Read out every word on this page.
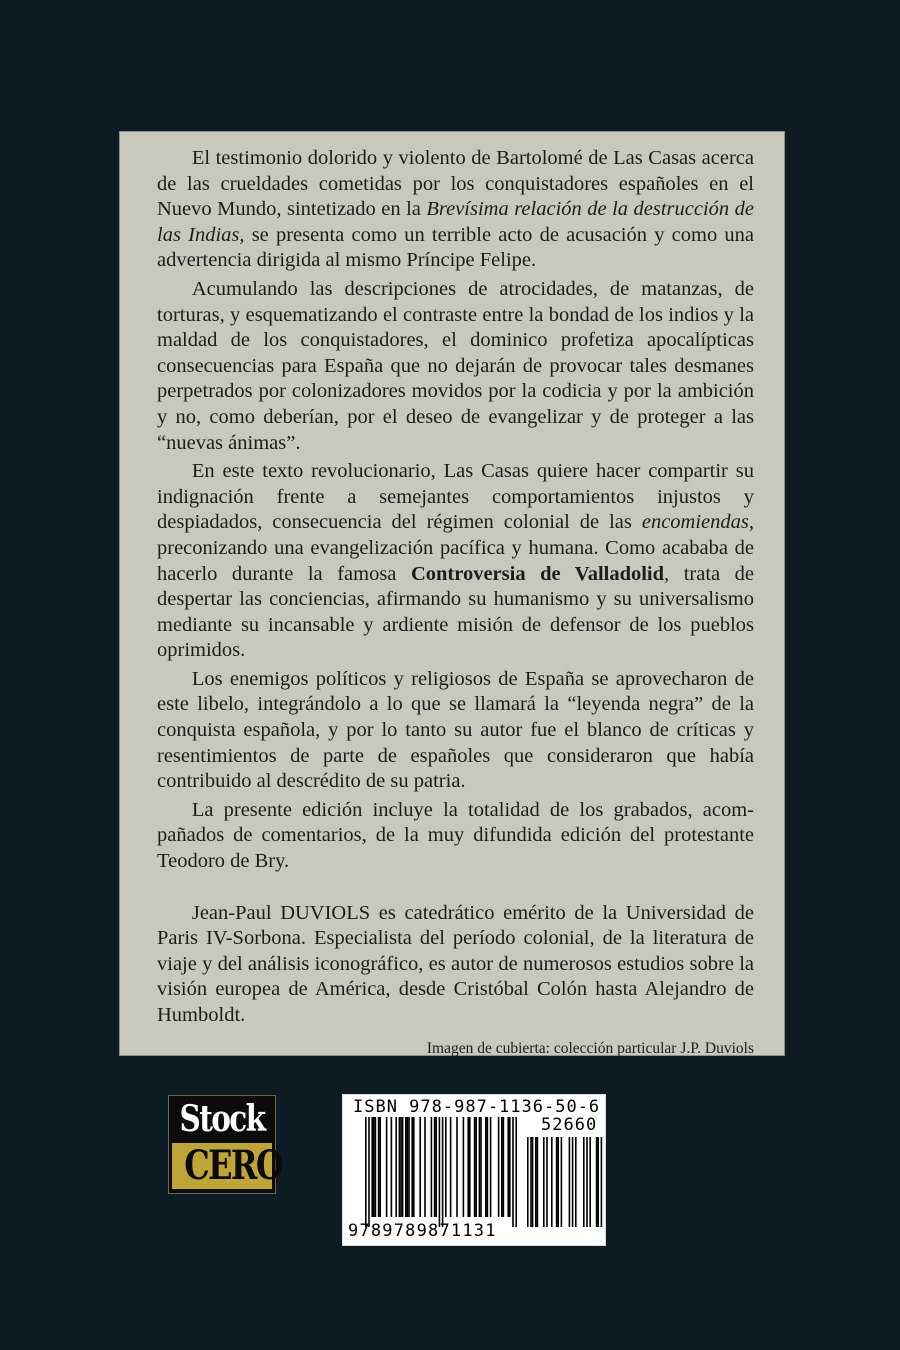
El testimonio dolorido y violento de Bartolomé de Las Casas acerca de las crueldades cometidas por los conquistadores españoles en el Nuevo Mundo, sintetizado en la Brevísima relación de la destrucción de las Indias, se presenta como un terrible acto de acusación y como una advertencia dirigida al mismo Príncipe Felipe.

Acumulando las descripciones de atrocidades, de matanzas, de torturas, y esquematizando el contraste entre la bondad de los indios y la maldad de los conquistadores, el dominico profetiza apocalípticas consecuencias para España que no dejarán de provocar tales desmanes perpetrados por colonizadores movidos por la codicia y por la ambición y no, como deberían, por el deseo de evangelizar y de proteger a las “nuevas ánimas”.

En este texto revolucionario, Las Casas quiere hacer compartir su indignación frente a semejantes comportamientos injustos y despiadados, consecuencia del régimen colonial de las encomiendas, preconizando una evangelización pacífica y humana. Como acababa de hacerlo durante la famosa Controversia de Valladolid, trata de despertar las conciencias, afirmando su humanismo y su universalismo mediante su incansable y ardiente misión de defensor de los pueblos oprimidos.

Los enemigos políticos y religiosos de España se aprovecharon de este libelo, integrándolo a lo que se llamará la “leyenda negra” de la conquista española, y por lo tanto su autor fue el blanco de críticas y resentimientos de parte de españoles que consideraron que había contribuido al descrédito de su patria.

La presente edición incluye la totalidad de los grabados, acompañados de comentarios, de la muy difundida edición del protestante Teodoro de Bry.

Jean-Paul DUVIOLS es catedrático emérito de la Universidad de Paris IV-Sorbona. Especialista del período colonial, de la literatura de viaje y del análisis iconográfico, es autor de numerosos estudios sobre la visión europea de América, desde Cristóbal Colón hasta Alejandro de Humboldt.

Imagen de cubierta: colección particular J.P. Duviols

Stock
CERO
ISBN 978-987-1136-50-6
52660
9789789871131
